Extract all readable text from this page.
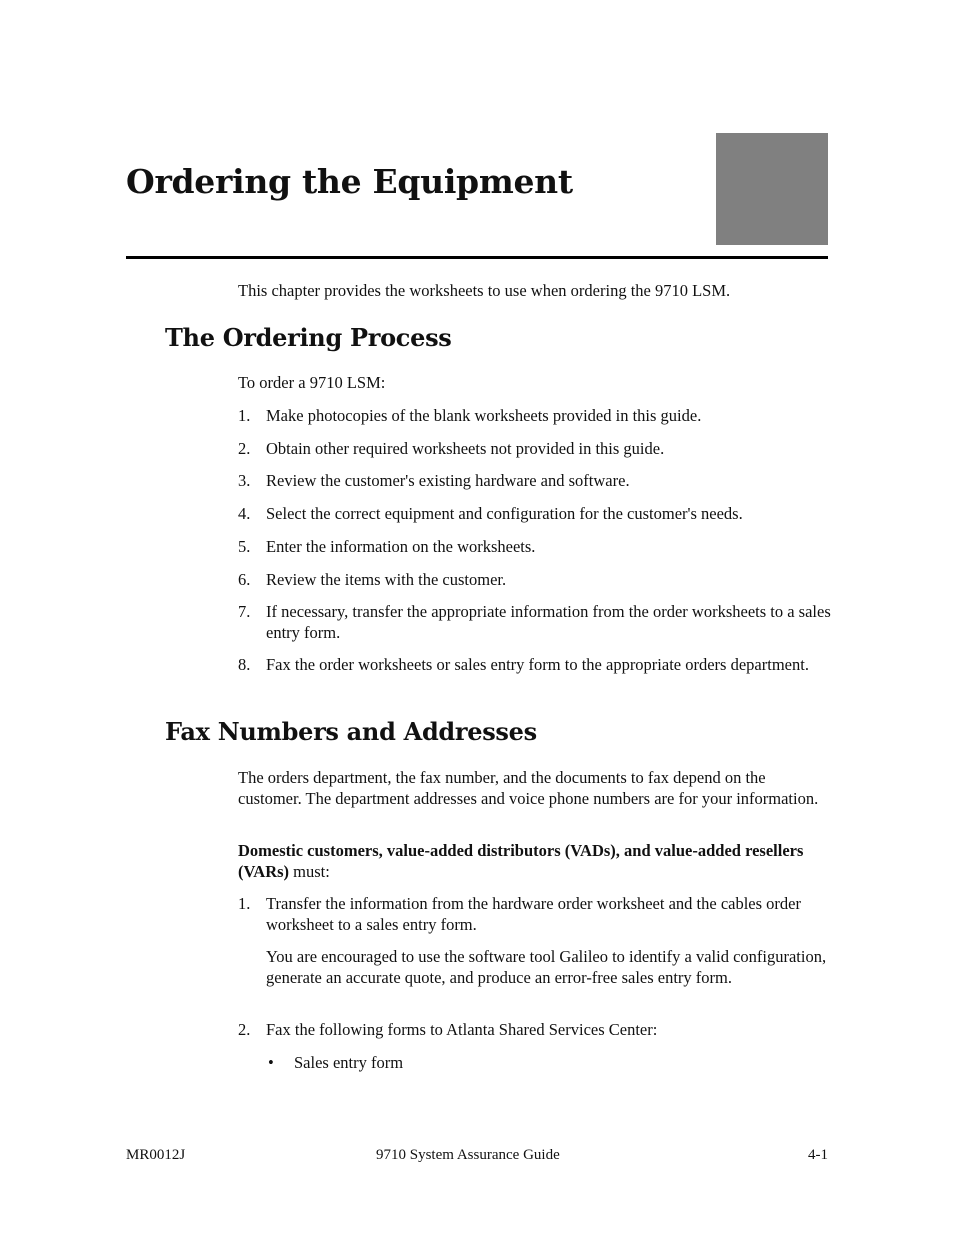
Ordering the Equipment

This chapter provides the worksheets to use when ordering the 9710 LSM.

The Ordering Process

To order a 9710 LSM:

1. Make photocopies of the blank worksheets provided in this guide.

2. Obtain other required worksheets not provided in this guide.

3. Review the customer's existing hardware and software.

4. Select the correct equipment and configuration for the customer's needs.

5. Enter the information on the worksheets.

6. Review the items with the customer.

7. If necessary, transfer the appropriate information from the order worksheets to a sales entry form.

8. Fax the order worksheets or sales entry form to the appropriate orders department.

Fax Numbers and Addresses

The orders department, the fax number, and the documents to fax depend on the customer. The department addresses and voice phone numbers are for your information.

Domestic customers, value-added distributors (VADs), and value-added resellers (VARs) must:

1. Transfer the information from the hardware order worksheet and the cables order worksheet to a sales entry form.

You are encouraged to use the software tool Galileo to identify a valid configuration, generate an accurate quote, and produce an error-free sales entry form.

2. Fax the following forms to Atlanta Shared Services Center:

• Sales entry form

MR0012J	9710 System Assurance Guide	4-1
